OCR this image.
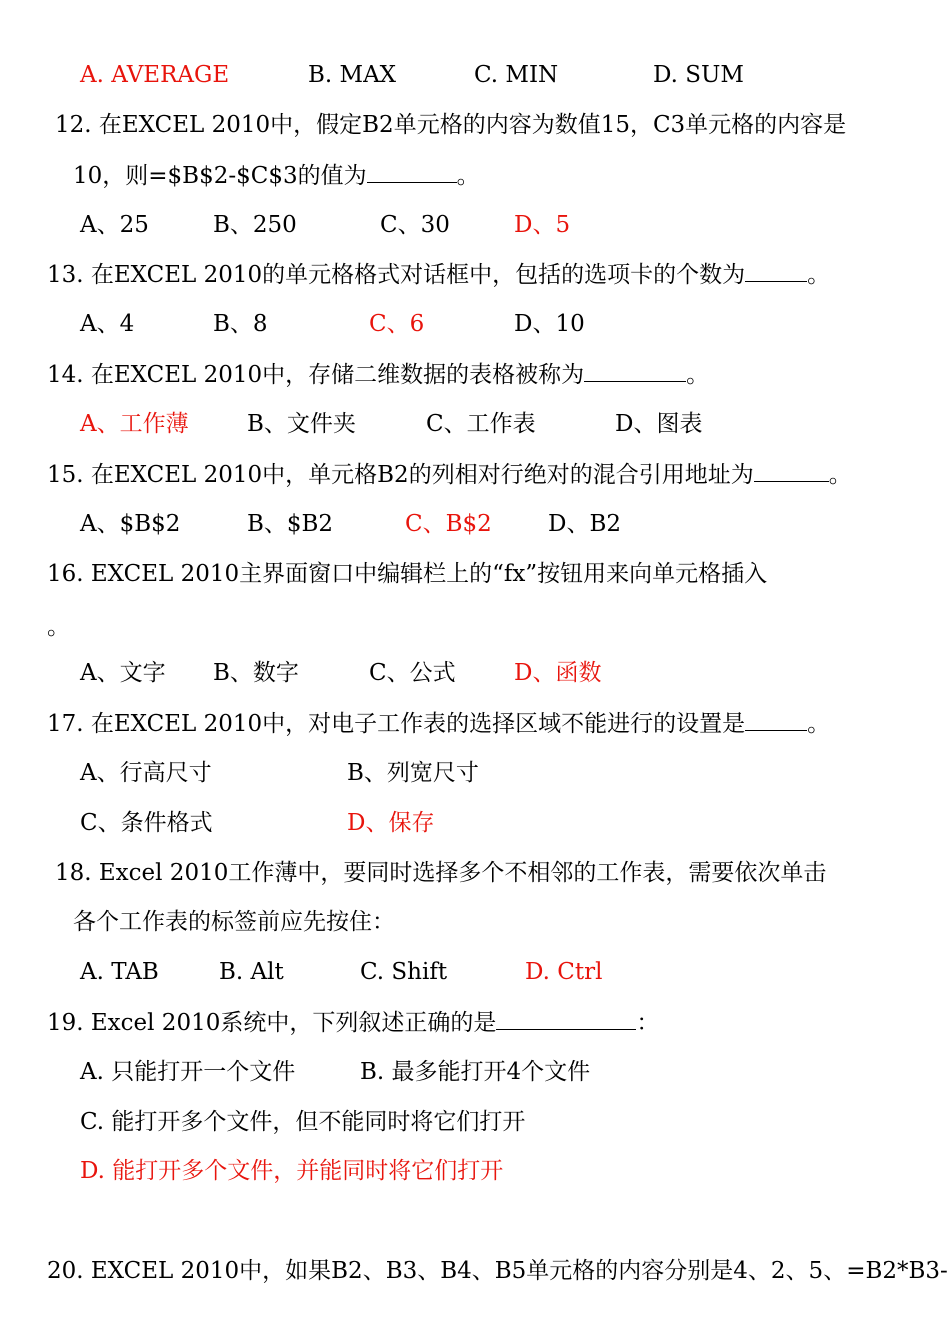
A. AVERAGE	B. MAX	C. MIN	D. SUM
12. 在EXCEL 2010中，假定B2单元格的内容为数值15，C3单元格的内容是
10，则=$B$2-$C$3的值为	。
A、25	B、250	C、30	D、5
13. 在EXCEL 2010的单元格格式对话框中，包括的选项卡的个数为	。
A、4	B、8	C、6	D、10
14. 在EXCEL 2010中，存储二维数据的表格被称为	。
A、工作薄	B、文件夹	C、工作表	D、图表
15. 在EXCEL 2010中，单元格B2的列相对行绝对的混合引用地址为	。
A、$B$2	B、$B2	C、B$2 D、B2
16. EXCEL 2010主界面窗口中编辑栏上的“fx”按钮用来向单元格插入
。
A、文字 B、数字	C、公式	D、函数
17. 在EXCEL 2010中，对电子工作表的选择区域不能进行的设置是	。
A、行高尺寸	B、列宽尺寸
C、条件格式	D、保存
18. Excel 2010工作薄中，要同时选择多个不相邻的工作表，需要依次单击
各个工作表的标签前应先按住：
A. TAB	B. Alt	C. Shift	D. Ctrl
19. Excel 2010系统中，下列叙述正确的是	：
A. 只能打开一个文件	B. 最多能打开4个文件
C. 能打开多个文件，但不能同时将它们打开
D. 能打开多个文件，并能同时将它们打开
20. EXCEL 2010中，如果B2、B3、B4、B5单元格的内容分别是4、2、5、=B2*B3-
